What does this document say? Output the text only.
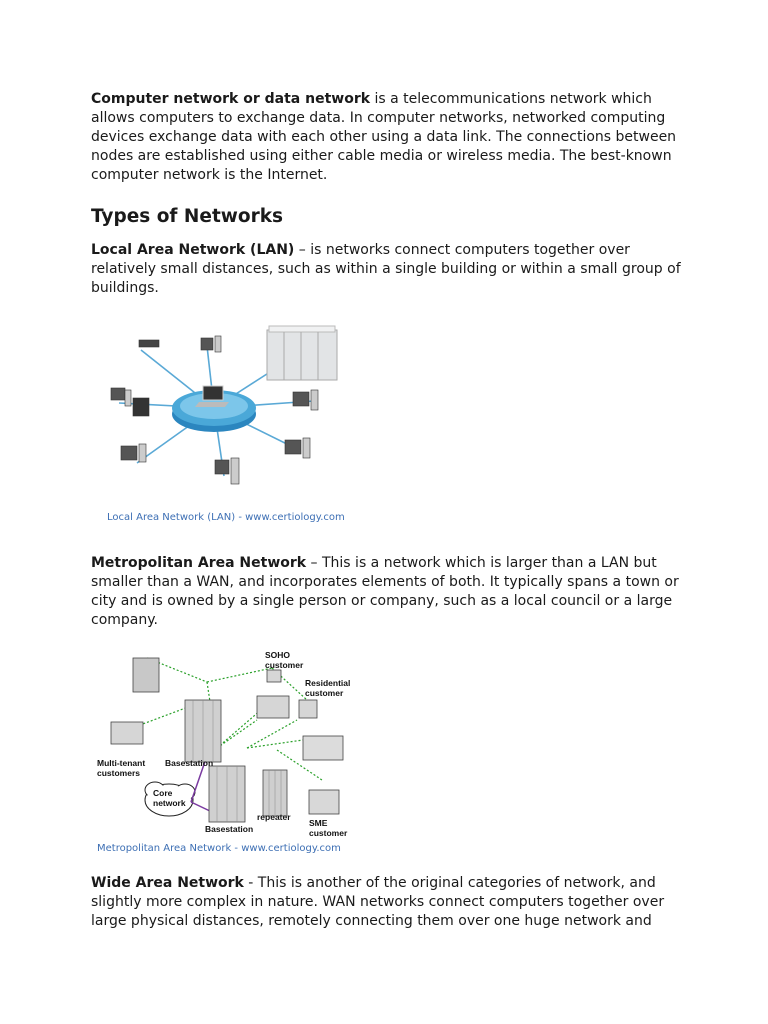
Computer network or data network is a telecommunications network which allows computers to exchange data. In computer networks, networked computing devices exchange data with each other using a data link. The connections between nodes are established using either cable media or wireless media. The best-known computer network is the Internet.

Types of Networks

Local Area Network (LAN) – is networks connect computers together over relatively small distances, such as within a single building or within a small group of buildings.

Local Area Network (LAN) - www.certiology.com

Metropolitan Area Network – This is a network which is larger than a LAN but smaller than a WAN, and incorporates elements of both. It typically spans a town or city and is owned by a single person or company, such as a local council or a large company.

SOHO
customer
Residential
customer
Multi-tenant
customers
Basestation
Basestation
Core
network
repeater
SME
customer
Metropolitan Area Network - www.certiology.com

Wide Area Network - This is another of the original categories of network, and slightly more complex in nature. WAN networks connect computers together over large physical distances, remotely connecting them over one huge network and
